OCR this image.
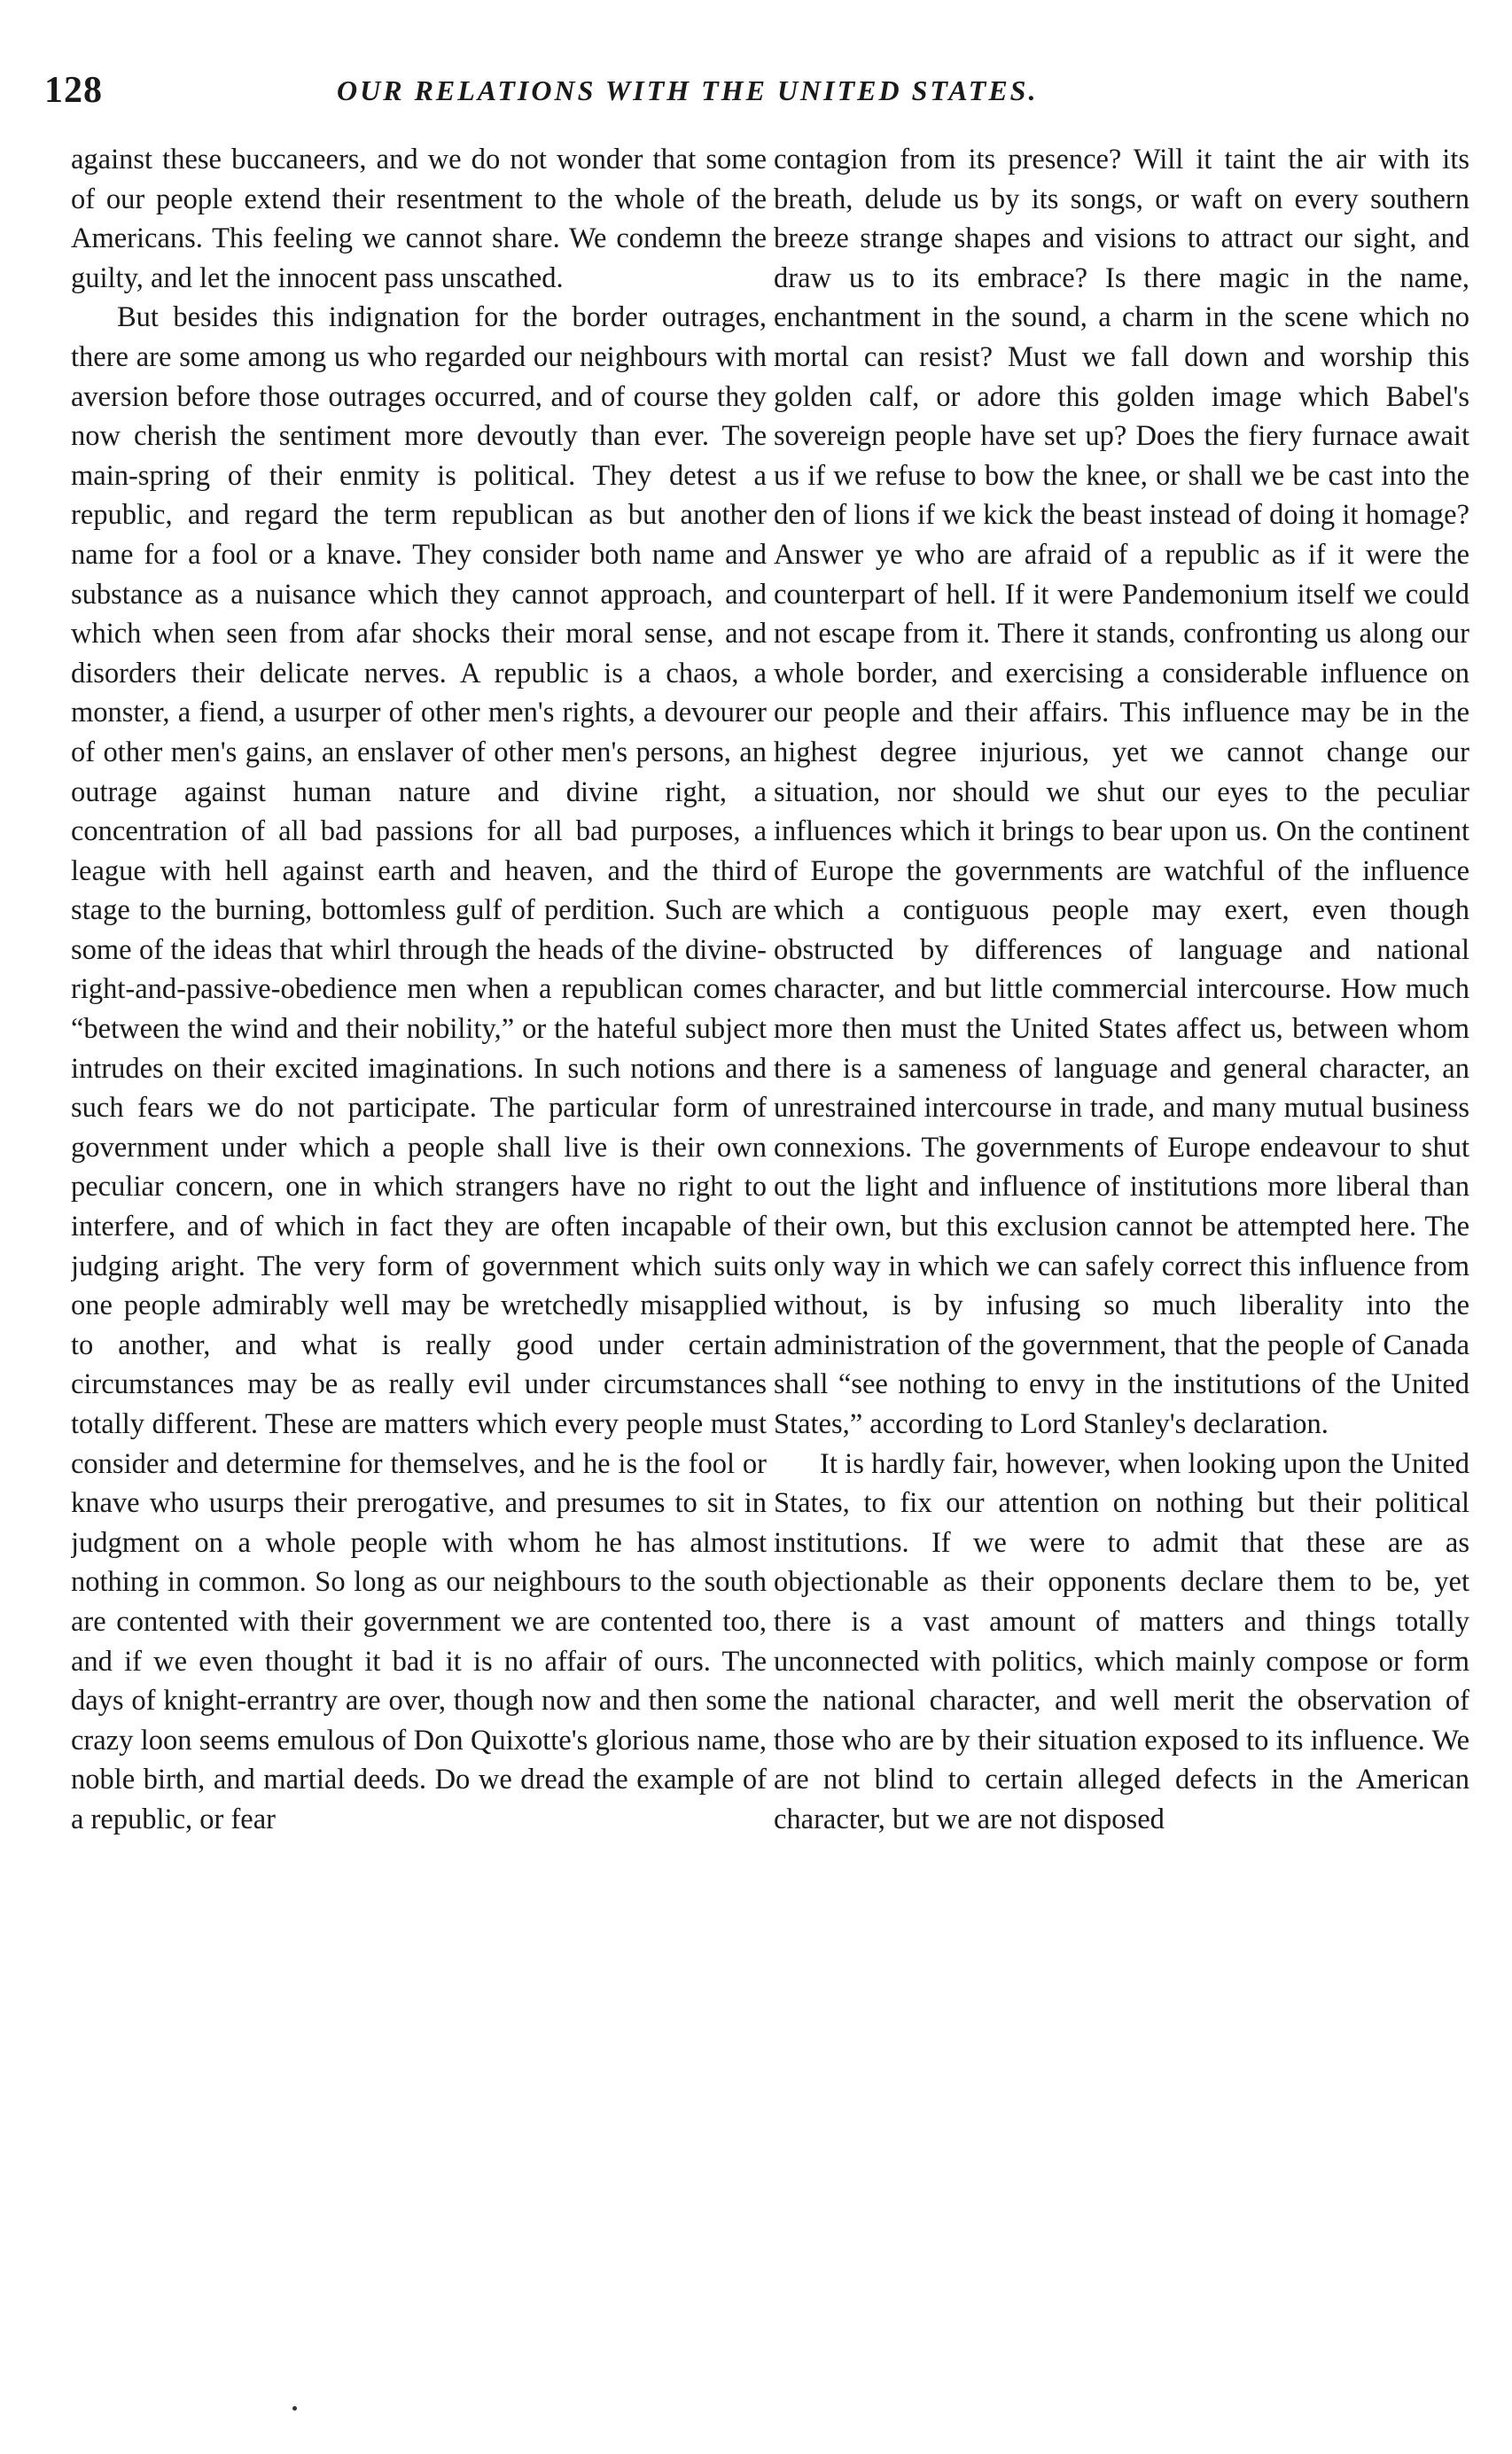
128	OUR RELATIONS WITH THE UNITED STATES.

against these buccaneers, and we do not wonder that some of our people extend their resentment to the whole of the Americans. This feeling we cannot share. We condemn the guilty, and let the innocent pass unscathed.

But besides this indignation for the border outrages, there are some among us who regarded our neighbours with aversion before those outrages occurred, and of course they now cherish the sentiment more devoutly than ever. The main-spring of their enmity is political. They detest a republic, and regard the term republican as but another name for a fool or a knave. They consider both name and substance as a nuisance which they cannot approach, and which when seen from afar shocks their moral sense, and disorders their delicate nerves. A republic is a chaos, a monster, a fiend, a usurper of other men's rights, a devourer of other men's gains, an enslaver of other men's persons, an outrage against human nature and divine right, a concentration of all bad passions for all bad purposes, a league with hell against earth and heaven, and the third stage to the burning, bottomless gulf of perdition. Such are some of the ideas that whirl through the heads of the divine-right-and-passive-obedience men when a republican comes “between the wind and their nobility,” or the hateful subject intrudes on their excited imaginations. In such notions and such fears we do not participate. The particular form of government under which a people shall live is their own peculiar concern, one in which strangers have no right to interfere, and of which in fact they are often incapable of judging aright. The very form of government which suits one people admirably well may be wretchedly misapplied to another, and what is really good under certain circumstances may be as really evil under circumstances totally different. These are matters which every people must consider and determine for themselves, and he is the fool or knave who usurps their prerogative, and presumes to sit in judgment on a whole people with whom he has almost nothing in common. So long as our neighbours to the south are contented with their government we are contented too, and if we even thought it bad it is no affair of ours. The days of knight-errantry are over, though now and then some crazy loon seems emulous of Don Quixotte's glorious name, noble birth, and martial deeds. Do we dread the example of a republic, or fear

contagion from its presence? Will it taint the air with its breath, delude us by its songs, or waft on every southern breeze strange shapes and visions to attract our sight, and draw us to its embrace? Is there magic in the name, enchantment in the sound, a charm in the scene which no mortal can resist? Must we fall down and worship this golden calf, or adore this golden image which Babel's sovereign people have set up? Does the fiery furnace await us if we refuse to bow the knee, or shall we be cast into the den of lions if we kick the beast instead of doing it homage? Answer ye who are afraid of a republic as if it were the counterpart of hell. If it were Pandemonium itself we could not escape from it. There it stands, confronting us along our whole border, and exercising a considerable influence on our people and their affairs. This influence may be in the highest degree injurious, yet we cannot change our situation, nor should we shut our eyes to the peculiar influences which it brings to bear upon us. On the continent of Europe the governments are watchful of the influence which a contiguous people may exert, even though obstructed by differences of language and national character, and but little commercial intercourse. How much more then must the United States affect us, between whom there is a sameness of language and general character, an unrestrained intercourse in trade, and many mutual business connexions. The governments of Europe endeavour to shut out the light and influence of institutions more liberal than their own, but this exclusion cannot be attempted here. The only way in which we can safely correct this influence from without, is by infusing so much liberality into the administration of the government, that the people of Canada shall “see nothing to envy in the institutions of the United States,” according to Lord Stanley's declaration.

It is hardly fair, however, when looking upon the United States, to fix our attention on nothing but their political institutions. If we were to admit that these are as objectionable as their opponents declare them to be, yet there is a vast amount of matters and things totally unconnected with politics, which mainly compose or form the national character, and well merit the observation of those who are by their situation exposed to its influence. We are not blind to certain alleged defects in the American character, but we are not disposed
